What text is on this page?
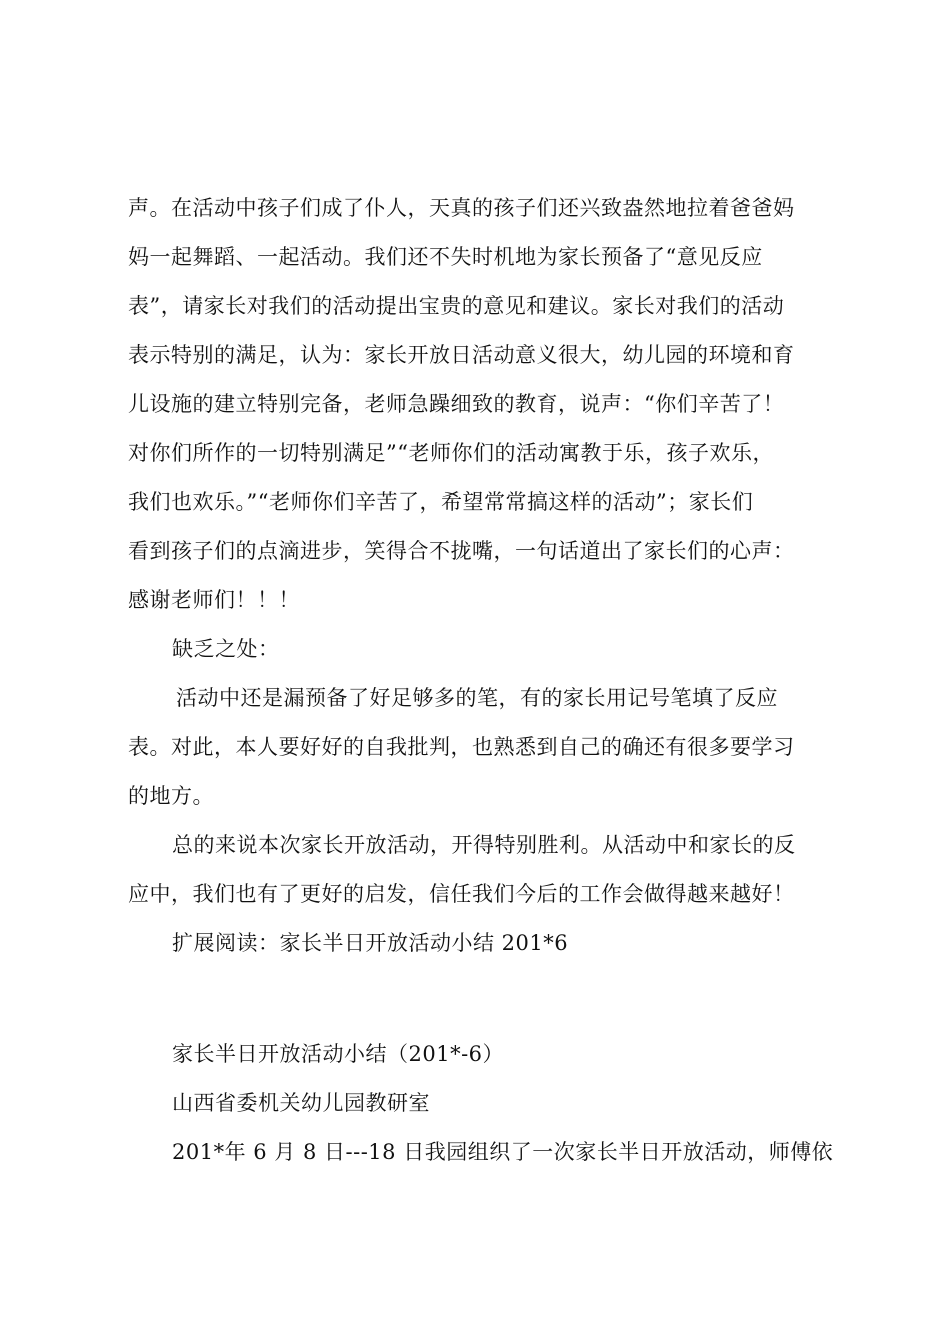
声。在活动中孩子们成了仆人，天真的孩子们还兴致盎然地拉着爸爸妈
妈一起舞蹈、一起活动。我们还不失时机地为家长预备了“意见反应
表”，请家长对我们的活动提出宝贵的意见和建议。家长对我们的活动
表示特别的满足，认为：家长开放日活动意义很大，幼儿园的环境和育
儿设施的建立特别完备，老师急躁细致的教育，说声：“你们辛苦了！
对你们所作的一切特别满足”“老师你们的活动寓教于乐，孩子欢乐，
我们也欢乐。”“老师你们辛苦了，希望常常搞这样的活动”；家长们
看到孩子们的点滴进步，笑得合不拢嘴，一句话道出了家长们的心声：
感谢老师们！！！
缺乏之处：
活动中还是漏预备了好足够多的笔，有的家长用记号笔填了反应
表。对此，本人要好好的自我批判，也熟悉到自己的确还有很多要学习
的地方。
总的来说本次家长开放活动，开得特别胜利。从活动中和家长的反
应中，我们也有了更好的启发，信任我们今后的工作会做得越来越好！
扩展阅读：家长半日开放活动小结 201*6
家长半日开放活动小结（201*-6）
山西省委机关幼儿园教研室
201*年 6 月 8 日---18 日我园组织了一次家长半日开放活动，师傅依
